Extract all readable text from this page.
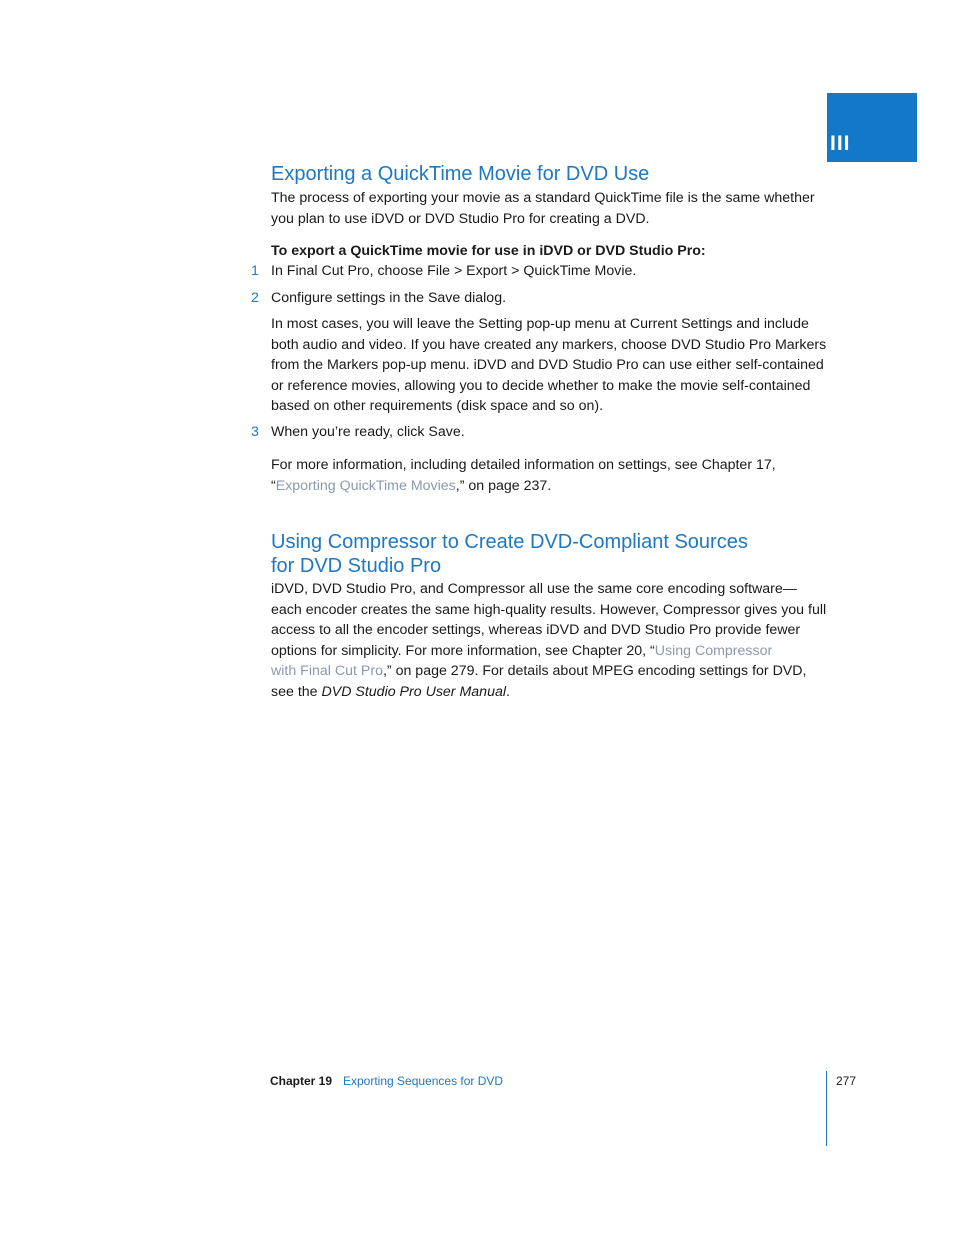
III
Exporting a QuickTime Movie for DVD Use

The process of exporting your movie as a standard QuickTime file is the same whether
you plan to use iDVD or DVD Studio Pro for creating a DVD.

To export a QuickTime movie for use in iDVD or DVD Studio Pro:

1 In Final Cut Pro, choose File > Export > QuickTime Movie.

2 Configure settings in the Save dialog.

In most cases, you will leave the Setting pop-up menu at Current Settings and include
both audio and video. If you have created any markers, choose DVD Studio Pro Markers
from the Markers pop-up menu. iDVD and DVD Studio Pro can use either self-contained
or reference movies, allowing you to decide whether to make the movie self-contained
based on other requirements (disk space and so on).

3 When you’re ready, click Save.

For more information, including detailed information on settings, see Chapter 17,
“Exporting QuickTime Movies,” on page 237.

Using Compressor to Create DVD-Compliant Sources
for DVD Studio Pro

iDVD, DVD Studio Pro, and Compressor all use the same core encoding software—
each encoder creates the same high-quality results. However, Compressor gives you full
access to all the encoder settings, whereas iDVD and DVD Studio Pro provide fewer
options for simplicity. For more information, see Chapter 20, “Using Compressor
with Final Cut Pro,” on page 279. For details about MPEG encoding settings for DVD,
see the DVD Studio Pro User Manual.

Chapter 19 Exporting Sequences for DVD	277
